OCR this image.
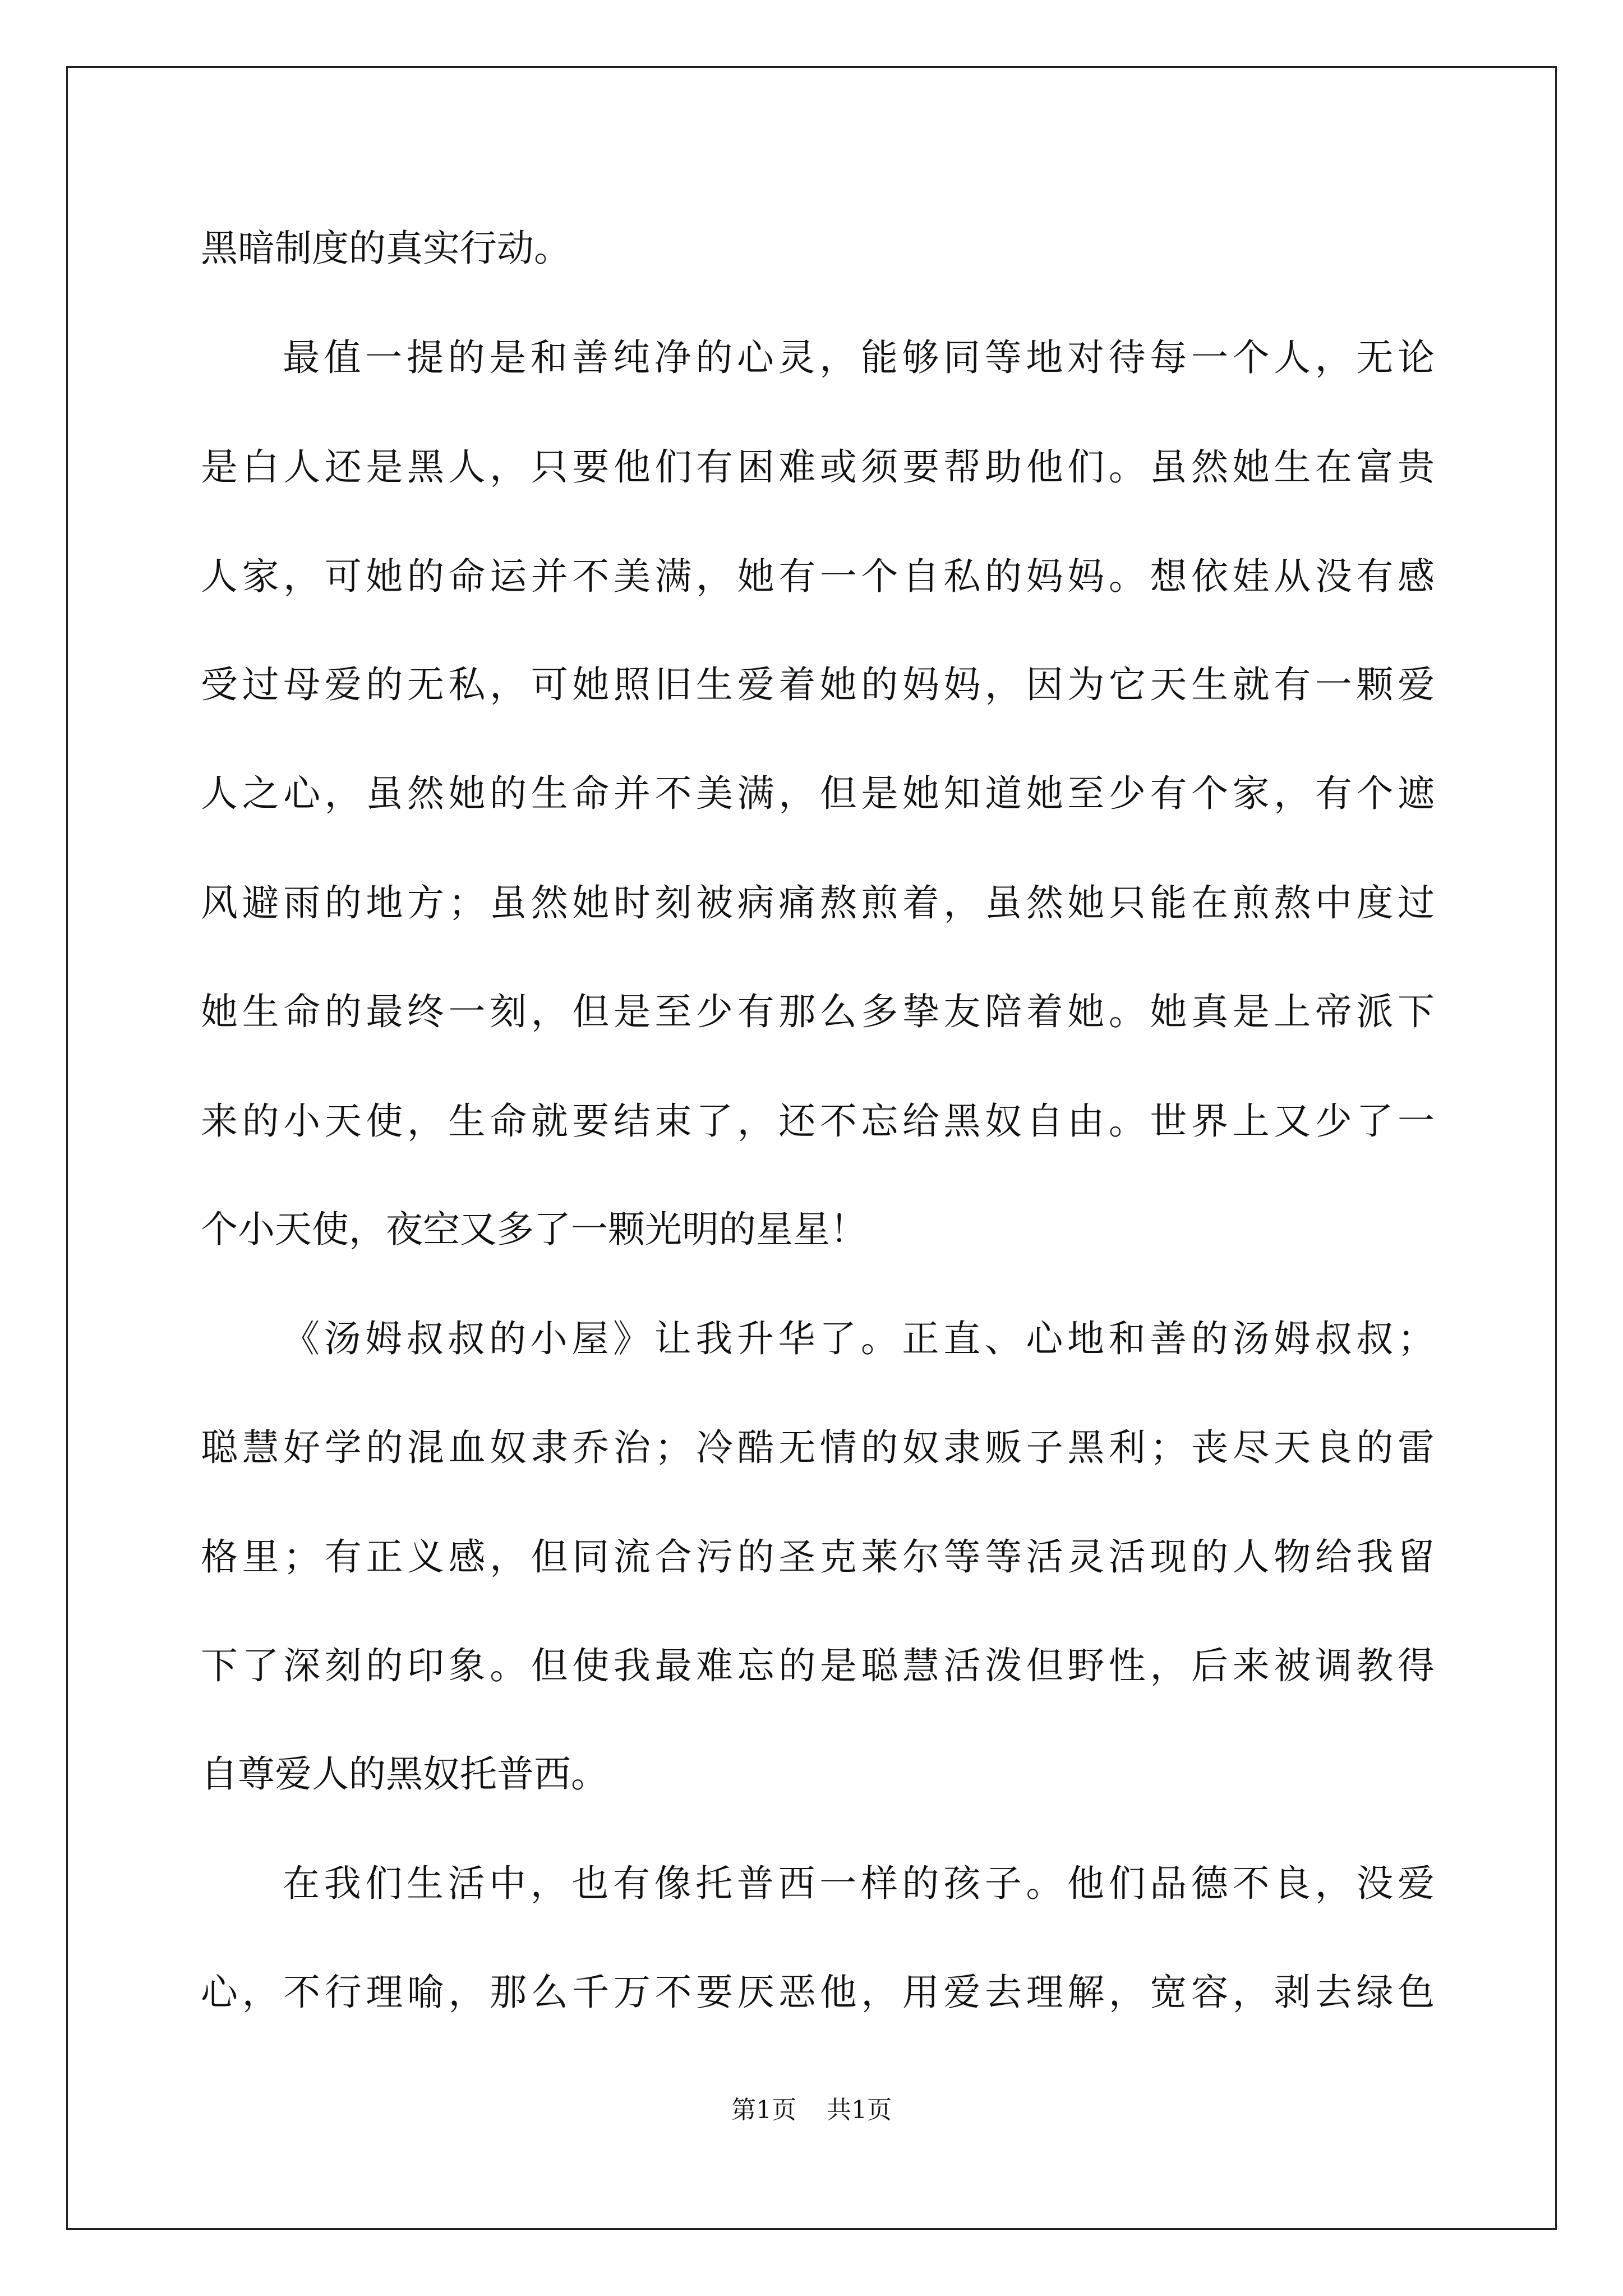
黑暗制度的真实行动。
最值一提的是和善纯净的心灵，能够同等地对待每一个人，无论
是白人还是黑人，只要他们有困难或须要帮助他们。虽然她生在富贵
人家，可她的命运并不美满，她有一个自私的妈妈。想依娃从没有感
受过母爱的无私，可她照旧生爱着她的妈妈，因为它天生就有一颗爱
人之心，虽然她的生命并不美满，但是她知道她至少有个家，有个遮
风避雨的地方；虽然她时刻被病痛熬煎着，虽然她只能在煎熬中度过
她生命的最终一刻，但是至少有那么多挚友陪着她。她真是上帝派下
来的小天使，生命就要结束了，还不忘给黑奴自由。世界上又少了一
个小天使，夜空又多了一颗光明的星星！
《汤姆叔叔的小屋》让我升华了。正直、心地和善的汤姆叔叔；
聪慧好学的混血奴隶乔治；冷酷无情的奴隶贩子黑利；丧尽天良的雷
格里；有正义感，但同流合污的圣克莱尔等等活灵活现的人物给我留
下了深刻的印象。但使我最难忘的是聪慧活泼但野性，后来被调教得
自尊爱人的黑奴托普西。
在我们生活中，也有像托普西一样的孩子。他们品德不良，没爱
心，不行理喻，那么千万不要厌恶他，用爱去理解，宽容，剥去绿色
第1页 共1页
